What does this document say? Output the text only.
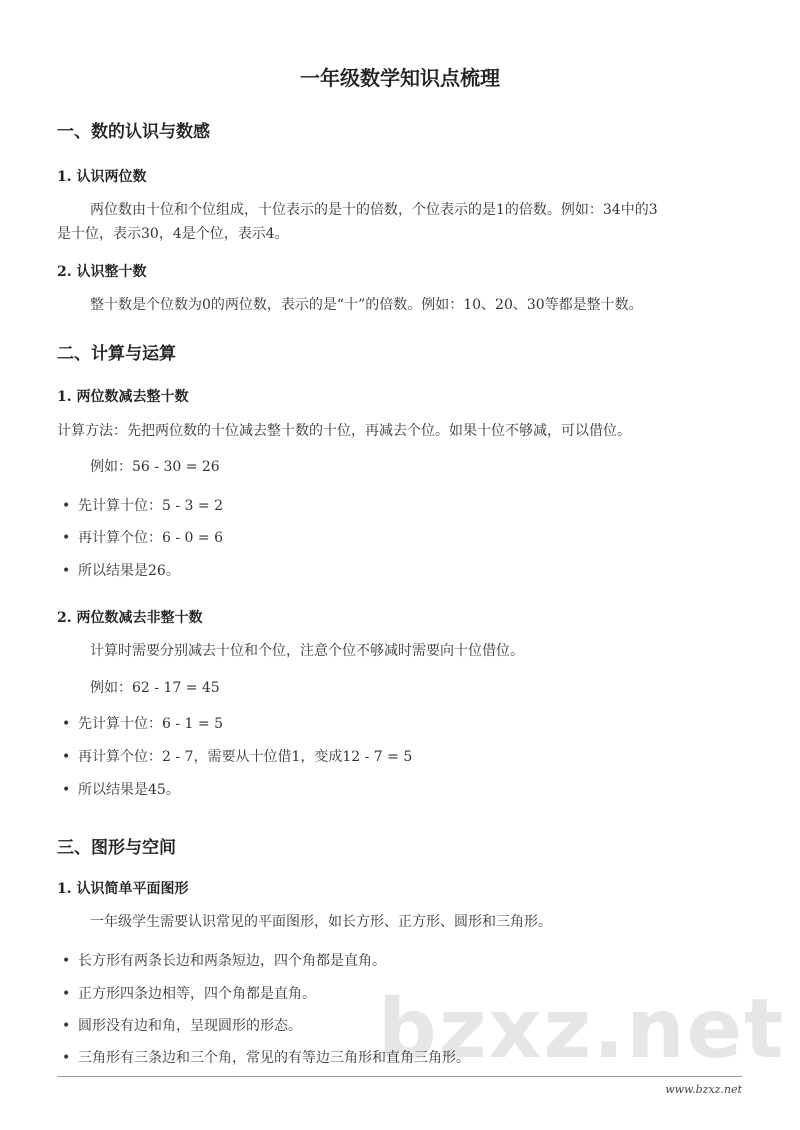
bzxz.net
一年级数学知识点梳理
一、数的认识与数感
1. 认识两位数
两位数由十位和个位组成，十位表示的是十的倍数，个位表示的是1的倍数。例如：34中的3
是十位，表示30，4是个位，表示4。
2. 认识整十数
整十数是个位数为0的两位数，表示的是“十”的倍数。例如：10、20、30等都是整十数。
二、计算与运算
1. 两位数减去整十数
计算方法：先把两位数的十位减去整十数的十位，再减去个位。如果十位不够减，可以借位。
例如：56 - 30 = 26
• 先计算十位：5 - 3 = 2
• 再计算个位：6 - 0 = 6
• 所以结果是26。
2. 两位数减去非整十数
计算时需要分别减去十位和个位，注意个位不够减时需要向十位借位。
例如：62 - 17 = 45
• 先计算十位：6 - 1 = 5
• 再计算个位：2 - 7，需要从十位借1，变成12 - 7 = 5
• 所以结果是45。
三、图形与空间
1. 认识简单平面图形
一年级学生需要认识常见的平面图形，如长方形、正方形、圆形和三角形。
• 长方形有两条长边和两条短边，四个角都是直角。
• 正方形四条边相等，四个角都是直角。
• 圆形没有边和角，呈现圆形的形态。
• 三角形有三条边和三个角，常见的有等边三角形和直角三角形。
www.bzxz.net
